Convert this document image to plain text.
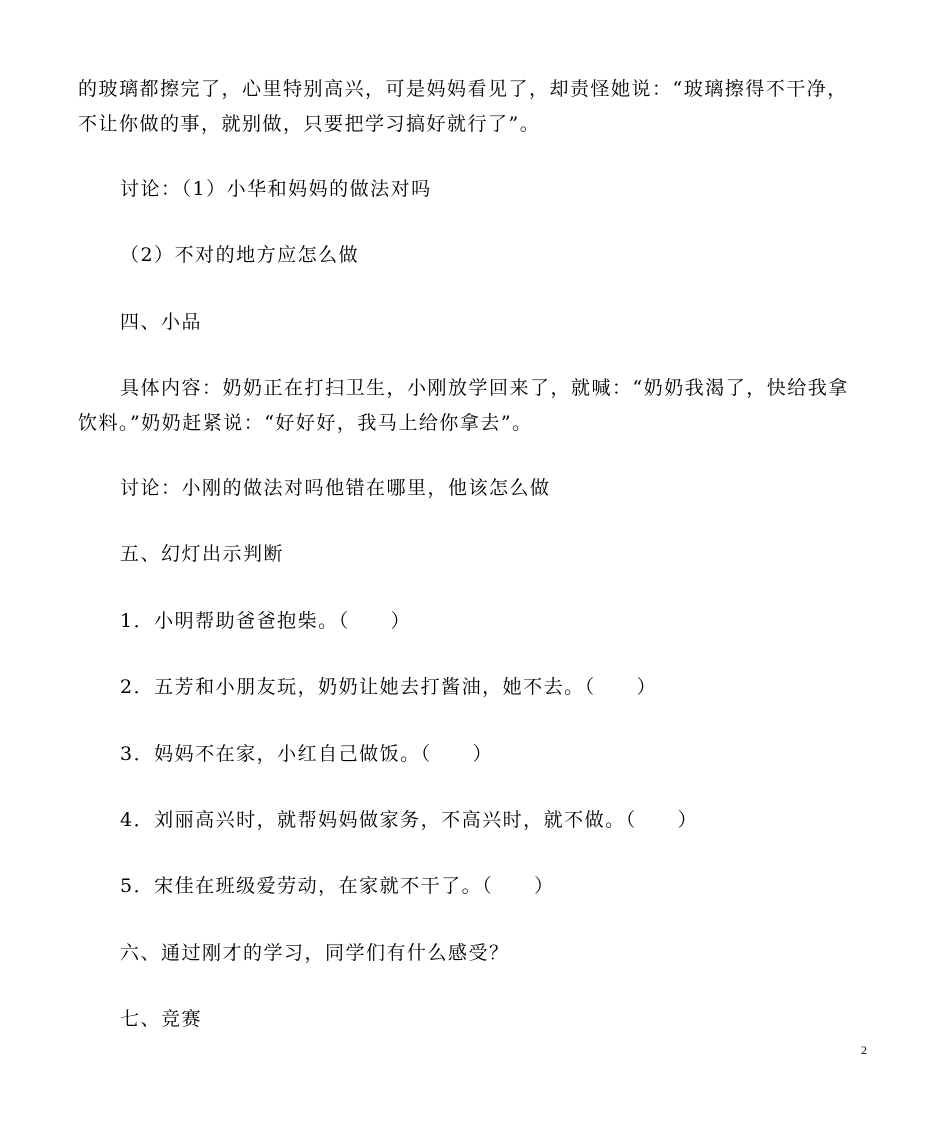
的玻璃都擦完了，心里特别高兴，可是妈妈看见了，却责怪她说：“玻璃擦得不干净，
不让你做的事，就别做，只要把学习搞好就行了”。

讨论：（1）小华和妈妈的做法对吗

（2）不对的地方应怎么做

四、小品

具体内容：奶奶正在打扫卫生，小刚放学回来了，就喊：“奶奶我渴了，快给我拿
饮料。”奶奶赶紧说：“好好好，我马上给你拿去”。

讨论：小刚的做法对吗他错在哪里，他该怎么做

五、幻灯出示判断

1．小明帮助爸爸抱柴。（　　）

2．五芳和小朋友玩，奶奶让她去打酱油，她不去。（　　）

3．妈妈不在家，小红自己做饭。（　　）

4．刘丽高兴时，就帮妈妈做家务，不高兴时，就不做。（　　）

5．宋佳在班级爱劳动，在家就不干了。（　　）

六、通过刚才的学习，同学们有什么感受？

七、竞赛

2
